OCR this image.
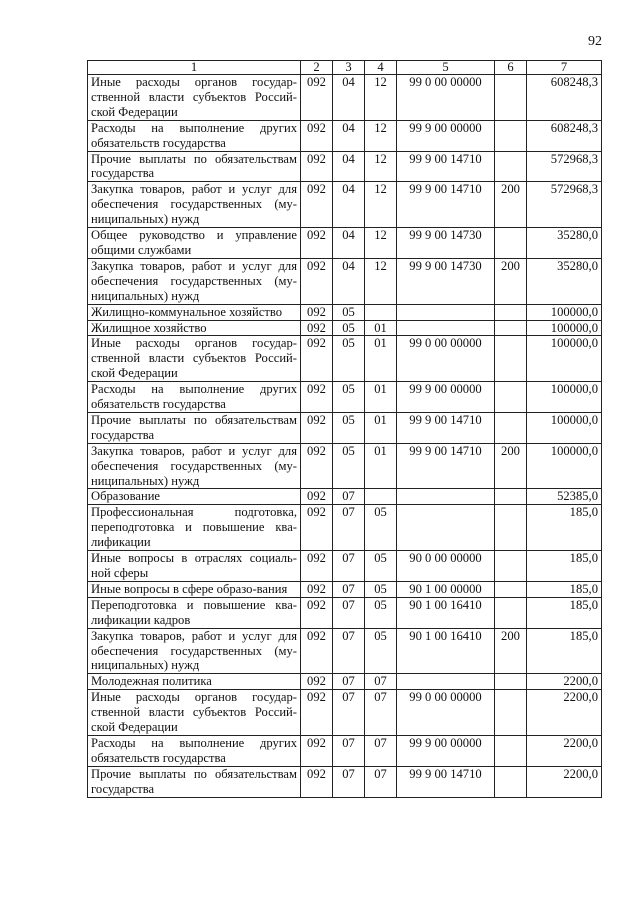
92
1	2	3	4	5	6	7
Иные расходы органов государ-ственной власти субъектов Россий-ской Федерации	092	04	12	99 0 00 00000		608248,3
Расходы на выполнение других обязательств государства	092	04	12	99 9 00 00000		608248,3
Прочие выплаты по обязательствам государства	092	04	12	99 9 00 14710		572968,3
Закупка товаров, работ и услуг для обеспечения государственных (му-ниципальных) нужд	092	04	12	99 9 00 14710	200	572968,3
Общее руководство и управление общими службами	092	04	12	99 9 00 14730		35280,0
Закупка товаров, работ и услуг для обеспечения государственных (му-ниципальных) нужд	092	04	12	99 9 00 14730	200	35280,0
Жилищно-коммунальное хозяйство	092	05				100000,0
Жилищное хозяйство	092	05	01			100000,0
Иные расходы органов государ-ственной власти субъектов Россий-ской Федерации	092	05	01	99 0 00 00000		100000,0
Расходы на выполнение других обязательств государства	092	05	01	99 9 00 00000		100000,0
Прочие выплаты по обязательствам государства	092	05	01	99 9 00 14710		100000,0
Закупка товаров, работ и услуг для обеспечения государственных (му-ниципальных) нужд	092	05	01	99 9 00 14710	200	100000,0
Образование	092	07				52385,0
Профессиональная подготовка, переподготовка и повышение ква-лификации	092	07	05			185,0
Иные вопросы в отраслях социаль-ной сферы	092	07	05	90 0 00 00000		185,0
Иные вопросы в сфере образо-вания	092	07	05	90 1 00 00000		185,0
Переподготовка и повышение ква-лификации кадров	092	07	05	90 1 00 16410		185,0
Закупка товаров, работ и услуг для обеспечения государственных (му-ниципальных) нужд	092	07	05	90 1 00 16410	200	185,0
Молодежная политика	092	07	07			2200,0
Иные расходы органов государ-ственной власти субъектов Россий-ской Федерации	092	07	07	99 0 00 00000		2200,0
Расходы на выполнение других обязательств государства	092	07	07	99 9 00 00000		2200,0
Прочие выплаты по обязательствам государства	092	07	07	99 9 00 14710		2200,0
